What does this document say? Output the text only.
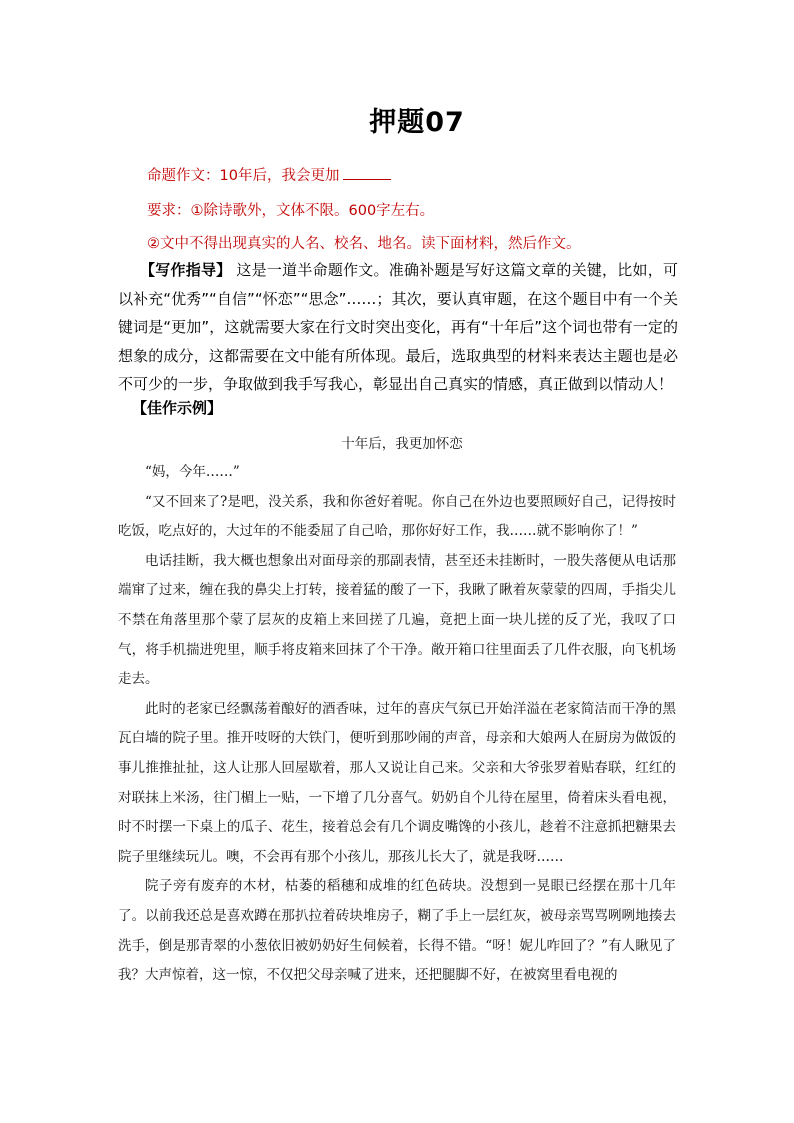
押题07
命题作文：10年后，我会更加
要求：①除诗歌外，文体不限。600字左右。
②文中不得出现真实的人名、校名、地名。读下面材料，然后作文。
【写作指导】 这是一道半命题作文。准确补题是写好这篇文章的关键，比如，可以补充“优秀”“自信”“怀恋”“思念”……；其次，要认真审题，在这个题目中有一个关键词是“更加”，这就需要大家在行文时突出变化，再有“十年后”这个词也带有一定的想象的成分，这都需要在文中能有所体现。最后，选取典型的材料来表达主题也是必不可少的一步，争取做到我手写我心，彰显出自己真实的情感，真正做到以情动人！
【佳作示例】
十年后，我更加怀恋

“妈，今年……”

“又不回来了?是吧，没关系，我和你爸好着呢。你自己在外边也要照顾好自己，记得按时吃饭，吃点好的，大过年的不能委屈了自己哈，那你好好工作，我……就不影响你了！”

电话挂断，我大概也想象出对面母亲的那副表情，甚至还未挂断时，一股失落便从电话那端窜了过来，缠在我的鼻尖上打转，接着猛的酸了一下，我瞅了瞅着灰蒙蒙的四周，手指尖儿不禁在角落里那个蒙了层灰的皮箱上来回搓了几遍，竟把上面一块儿搓的反了光，我叹了口气，将手机揣进兜里，顺手将皮箱来回抹了个干净。敞开箱口往里面丢了几件衣服，向飞机场走去。

此时的老家已经飘荡着酿好的酒香味，过年的喜庆气氛已开始洋溢在老家简洁而干净的黑瓦白墙的院子里。推开吱呀的大铁门，便听到那吵闹的声音，母亲和大娘两人在厨房为做饭的事儿推推扯扯，这人让那人回屋歇着，那人又说让自己来。父亲和大爷张罗着贴春联，红红的对联抹上米汤，往门楣上一贴，一下增了几分喜气。奶奶自个儿待在屋里，倚着床头看电视，时不时摆一下桌上的瓜子、花生，接着总会有几个调皮嘴馋的小孩儿，趁着不注意抓把糖果去院子里继续玩儿。噢，不会再有那个小孩儿，那孩儿长大了，就是我呀……

院子旁有废弃的木材，枯萎的稻穗和成堆的红色砖块。没想到一晃眼已经摆在那十几年了。以前我还总是喜欢蹲在那扒拉着砖块堆房子，糊了手上一层红灰，被母亲骂骂咧咧地揍去洗手，倒是那青翠的小葱依旧被奶奶好生伺候着，长得不错。“呀！妮儿咋回了？”有人瞅见了我？大声惊着，这一惊，不仅把父母亲喊了进来，还把腿脚不好，在被窝里看电视的
